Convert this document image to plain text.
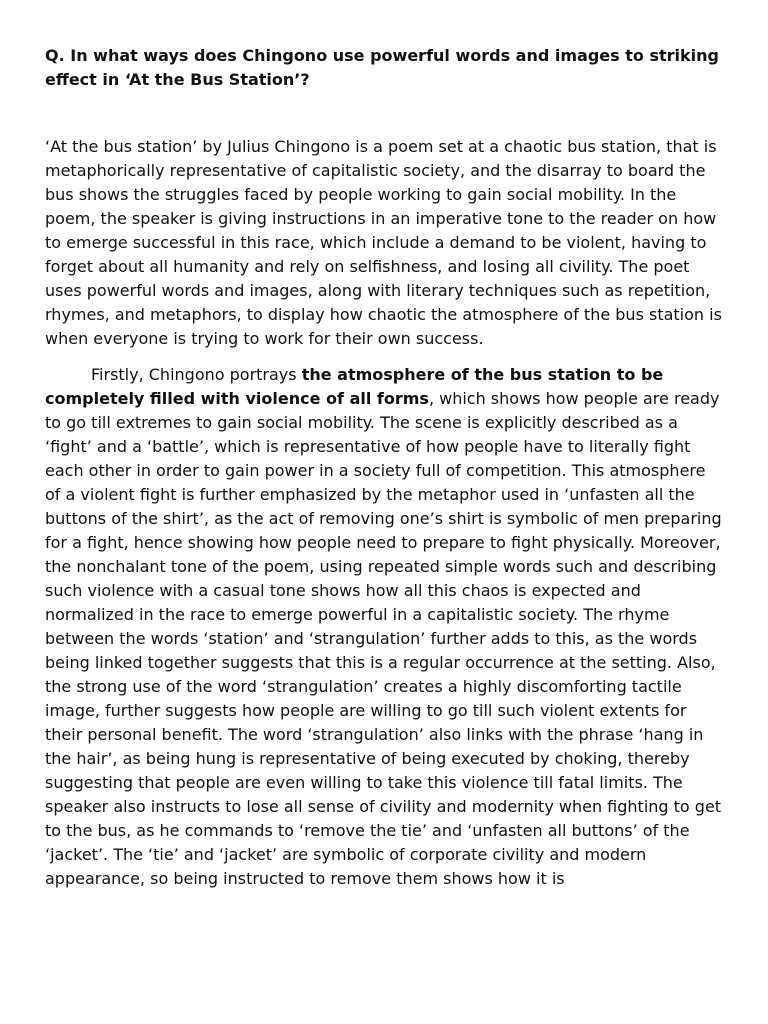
Q. In what ways does Chingono use powerful words and images to striking effect in ‘At the Bus Station’?

‘At the bus station’ by Julius Chingono is a poem set at a chaotic bus station, that is metaphorically representative of capitalistic society, and the disarray to board the bus shows the struggles faced by people working to gain social mobility. In the poem, the speaker is giving instructions in an imperative tone to the reader on how to emerge successful in this race, which include a demand to be violent, having to forget about all humanity and rely on selfishness, and losing all civility. The poet uses powerful words and images, along with literary techniques such as repetition, rhymes, and metaphors, to display how chaotic the atmosphere of the bus station is when everyone is trying to work for their own success.

Firstly, Chingono portrays the atmosphere of the bus station to be completely filled with violence of all forms, which shows how people are ready to go till extremes to gain social mobility. The scene is explicitly described as a ‘fight’ and a ‘battle’, which is representative of how people have to literally fight each other in order to gain power in a society full of competition. This atmosphere of a violent fight is further emphasized by the metaphor used in ‘unfasten all the buttons of the shirt’, as the act of removing one’s shirt is symbolic of men preparing for a fight, hence showing how people need to prepare to fight physically. Moreover, the nonchalant tone of the poem, using repeated simple words such and describing such violence with a casual tone shows how all this chaos is expected and normalized in the race to emerge powerful in a capitalistic society. The rhyme between the words ‘station’ and ‘strangulation’ further adds to this, as the words being linked together suggests that this is a regular occurrence at the setting. Also, the strong use of the word ‘strangulation’ creates a highly discomforting tactile image, further suggests how people are willing to go till such violent extents for their personal benefit. The word ‘strangulation’ also links with the phrase ‘hang in the hair’, as being hung is representative of being executed by choking, thereby suggesting that people are even willing to take this violence till fatal limits. The speaker also instructs to lose all sense of civility and modernity when fighting to get to the bus, as he commands to ‘remove the tie’ and ‘unfasten all buttons’ of the ‘jacket’. The ‘tie’ and ‘jacket’ are symbolic of corporate civility and modern appearance, so being instructed to remove them shows how it is
